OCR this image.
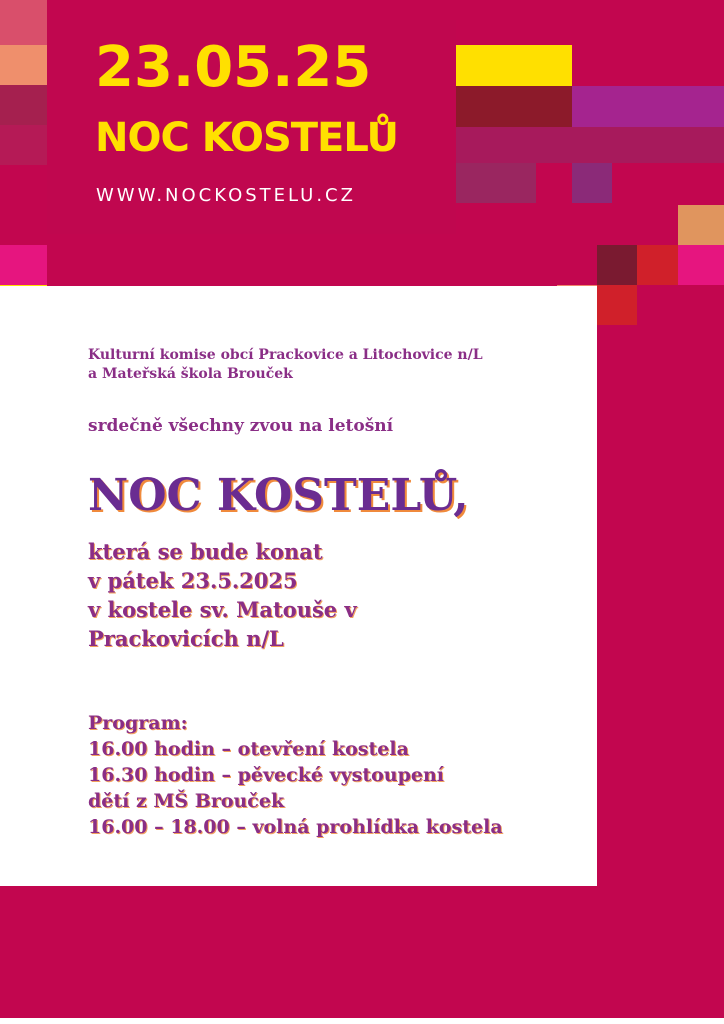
23.05.25
NOC KOSTELŮ
WWW.NOCKOSTELU.CZ
Kulturní komise obcí Prackovice a Litochovice n/L
a Mateřská škola Brouček
srdečně všechny zvou na letošní
NOC KOSTELŮ,
která se bude konat
v pátek 23.5.2025
v kostele sv. Matouše v
Prackovicích n/L
Program:
16.00 hodin – otevření kostela
16.30 hodin – pěvecké vystoupení
dětí z MŠ Brouček
16.00 – 18.00 – volná prohlídka kostela
